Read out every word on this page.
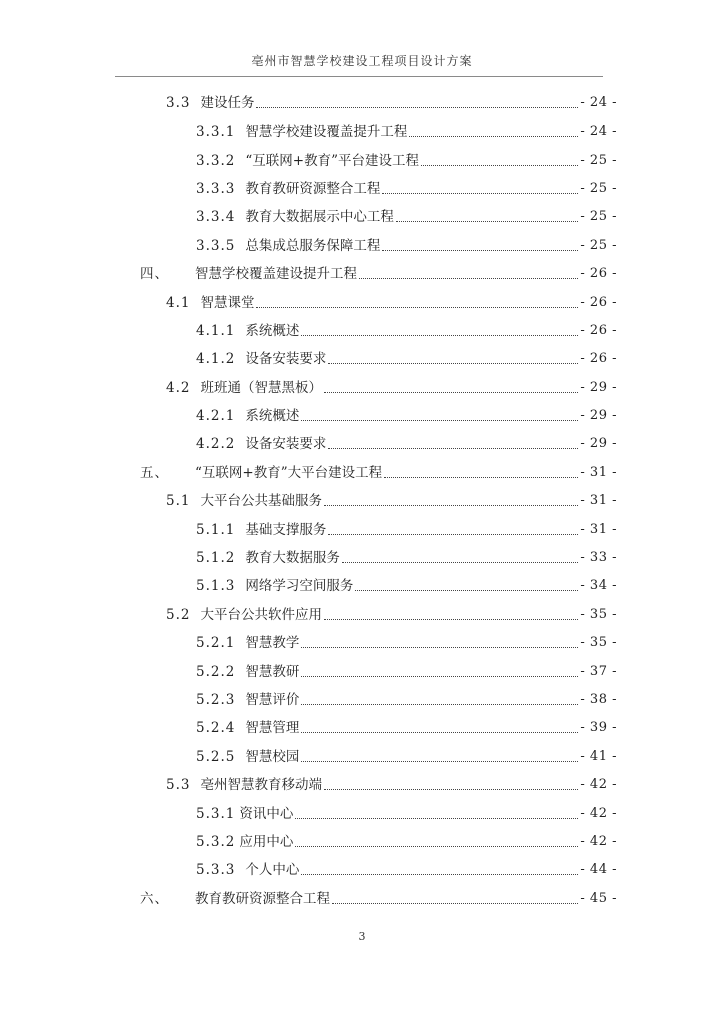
亳州市智慧学校建设工程项目设计方案
3.3 建设任务	- 24 -
3.3.1 智慧学校建设覆盖提升工程	- 24 -
3.3.2 “互联网+教育”平台建设工程	- 25 -
3.3.3 教育教研资源整合工程	- 25 -
3.3.4 教育大数据展示中心工程	- 25 -
3.3.5 总集成总服务保障工程	- 25 -
四、 智慧学校覆盖建设提升工程	- 26 -
4.1 智慧课堂	- 26 -
4.1.1 系统概述	- 26 -
4.1.2 设备安装要求	- 26 -
4.2 班班通（智慧黑板）	- 29 -
4.2.1 系统概述	- 29 -
4.2.2 设备安装要求	- 29 -
五、 “互联网+教育”大平台建设工程	- 31 -
5.1 大平台公共基础服务	- 31 -
5.1.1 基础支撑服务	- 31 -
5.1.2 教育大数据服务	- 33 -
5.1.3 网络学习空间服务	- 34 -
5.2 大平台公共软件应用	- 35 -
5.2.1 智慧教学	- 35 -
5.2.2 智慧教研	- 37 -
5.2.3 智慧评价	- 38 -
5.2.4 智慧管理	- 39 -
5.2.5 智慧校园	- 41 -
5.3 亳州智慧教育移动端	- 42 -
5.3.1 资讯中心	- 42 -
5.3.2 应用中心	- 42 -
5.3.3 个人中心	- 44 -
六、 教育教研资源整合工程	- 45 -
3
